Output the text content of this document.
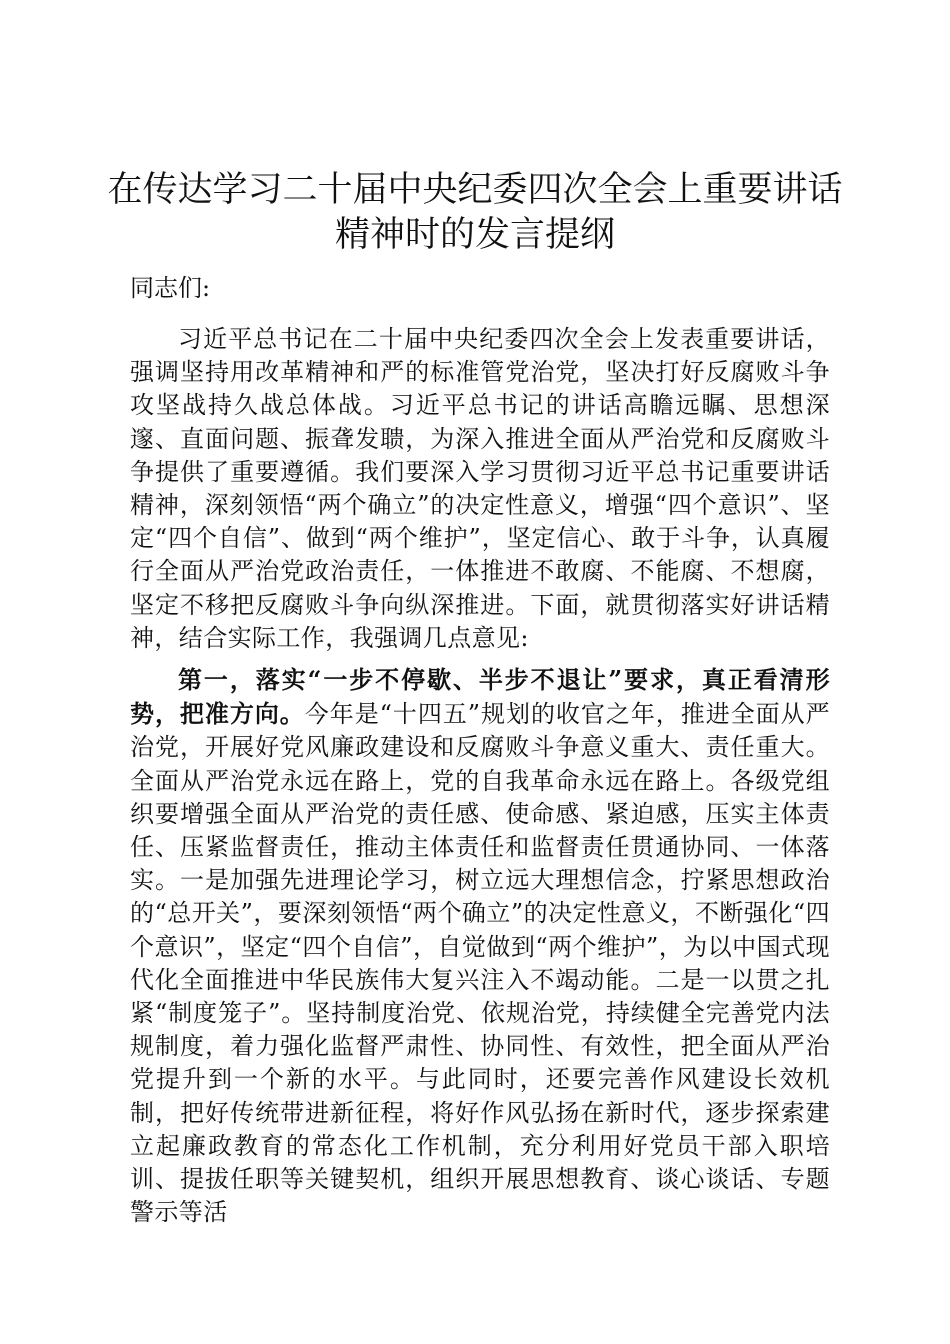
在传达学习二十届中央纪委四次全会上重要讲话精神时的发言提纲

同志们:

习近平总书记在二十届中央纪委四次全会上发表重要讲话，强调坚持用改革精神和严的标准管党治党，坚决打好反腐败斗争攻坚战持久战总体战。习近平总书记的讲话高瞻远瞩、思想深邃、直面问题、振聋发聩，为深入推进全面从严治党和反腐败斗争提供了重要遵循。我们要深入学习贯彻习近平总书记重要讲话精神，深刻领悟“两个确立”的决定性意义，增强“四个意识”、坚定“四个自信”、做到“两个维护”，坚定信心、敢于斗争，认真履行全面从严治党政治责任，一体推进不敢腐、不能腐、不想腐，坚定不移把反腐败斗争向纵深推进。下面，就贯彻落实好讲话精神，结合实际工作，我强调几点意见:

第一，落实“一步不停歇、半步不退让”要求，真正看清形势，把准方向。今年是“十四五”规划的收官之年，推进全面从严治党，开展好党风廉政建设和反腐败斗争意义重大、责任重大。全面从严治党永远在路上，党的自我革命永远在路上。各级党组织要增强全面从严治党的责任感、使命感、紧迫感，压实主体责任、压紧监督责任，推动主体责任和监督责任贯通协同、一体落实。一是加强先进理论学习，树立远大理想信念，拧紧思想政治的“总开关”，要深刻领悟“两个确立”的决定性意义，不断强化“四个意识”，坚定“四个自信”，自觉做到“两个维护”，为以中国式现代化全面推进中华民族伟大复兴注入不竭动能。二是一以贯之扎紧“制度笼子”。坚持制度治党、依规治党，持续健全完善党内法规制度，着力强化监督严肃性、协同性、有效性，把全面从严治党提升到一个新的水平。与此同时，还要完善作风建设长效机制，把好传统带进新征程，将好作风弘扬在新时代，逐步探索建立起廉政教育的常态化工作机制，充分利用好党员干部入职培训、提拔任职等关键契机，组织开展思想教育、谈心谈话、专题警示等活
